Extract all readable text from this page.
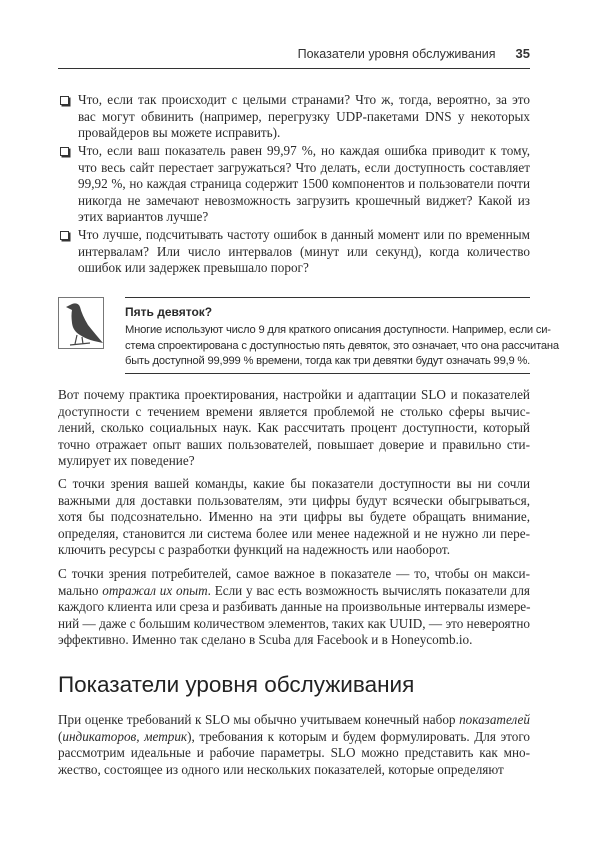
Показатели уровня обслуживания 35
Что, если так происходит с целыми странами? Что ж, тогда, вероятно, за это
вас могут обвинить (например, перегрузку UDP-пакетами DNS у некоторых
провайдеров вы можете исправить).
Что, если ваш показатель равен 99,97 %, но каждая ошибка приводит к тому,
что весь сайт перестает загружаться? Что делать, если доступность составляет
99,92 %, но каждая страница содержит 1500 компонентов и пользователи почти
никогда не замечают невозможность загрузить крошечный виджет? Какой из
этих вариантов лучше?
Что лучше, подсчитывать частоту ошибок в данный момент или по временным
интервалам? Или число интервалов (минут или секунд), когда количество
ошибок или задержек превышало порог?
Пять девяток?
Многие используют число 9 для краткого описания доступности. Например, если си-
стема спроектирована с доступностью пять девяток, это означает, что она рассчитана
быть доступной 99,999 % времени, тогда как три девятки будут означать 99,9 %.
Вот почему практика проектирования, настройки и адаптации SLO и показателей
доступности с течением времени является проблемой не столько сферы вычис-
лений, сколько социальных наук. Как рассчитать процент доступности, который
точно отражает опыт ваших пользователей, повышает доверие и правильно сти-
мулирует их поведение?
С точки зрения вашей команды, какие бы показатели доступности вы ни сочли
важными для доставки пользователям, эти цифры будут всячески обыгрываться,
хотя бы подсознательно. Именно на эти цифры вы будете обращать внимание,
определяя, становится ли система более или менее надежной и не нужно ли пере-
ключить ресурсы с разработки функций на надежность или наоборот.
С точки зрения потребителей, самое важное в показателе — то, чтобы он макси-
мально отражал их опыт. Если у вас есть возможность вычислять показатели для
каждого клиента или среза и разбивать данные на произвольные интервалы измере-
ний — даже с большим количеством элементов, таких как UUID, — это невероятно
эффективно. Именно так сделано в Scuba для Facebook и в Honeycomb.io.
Показатели уровня обслуживания
При оценке требований к SLO мы обычно учитываем конечный набор показателей
(индикаторов, метрик), требования к которым и будем формулировать. Для этого
рассмотрим идеальные и рабочие параметры. SLO можно представить как мно-
жество, состоящее из одного или нескольких показателей, которые определяют
